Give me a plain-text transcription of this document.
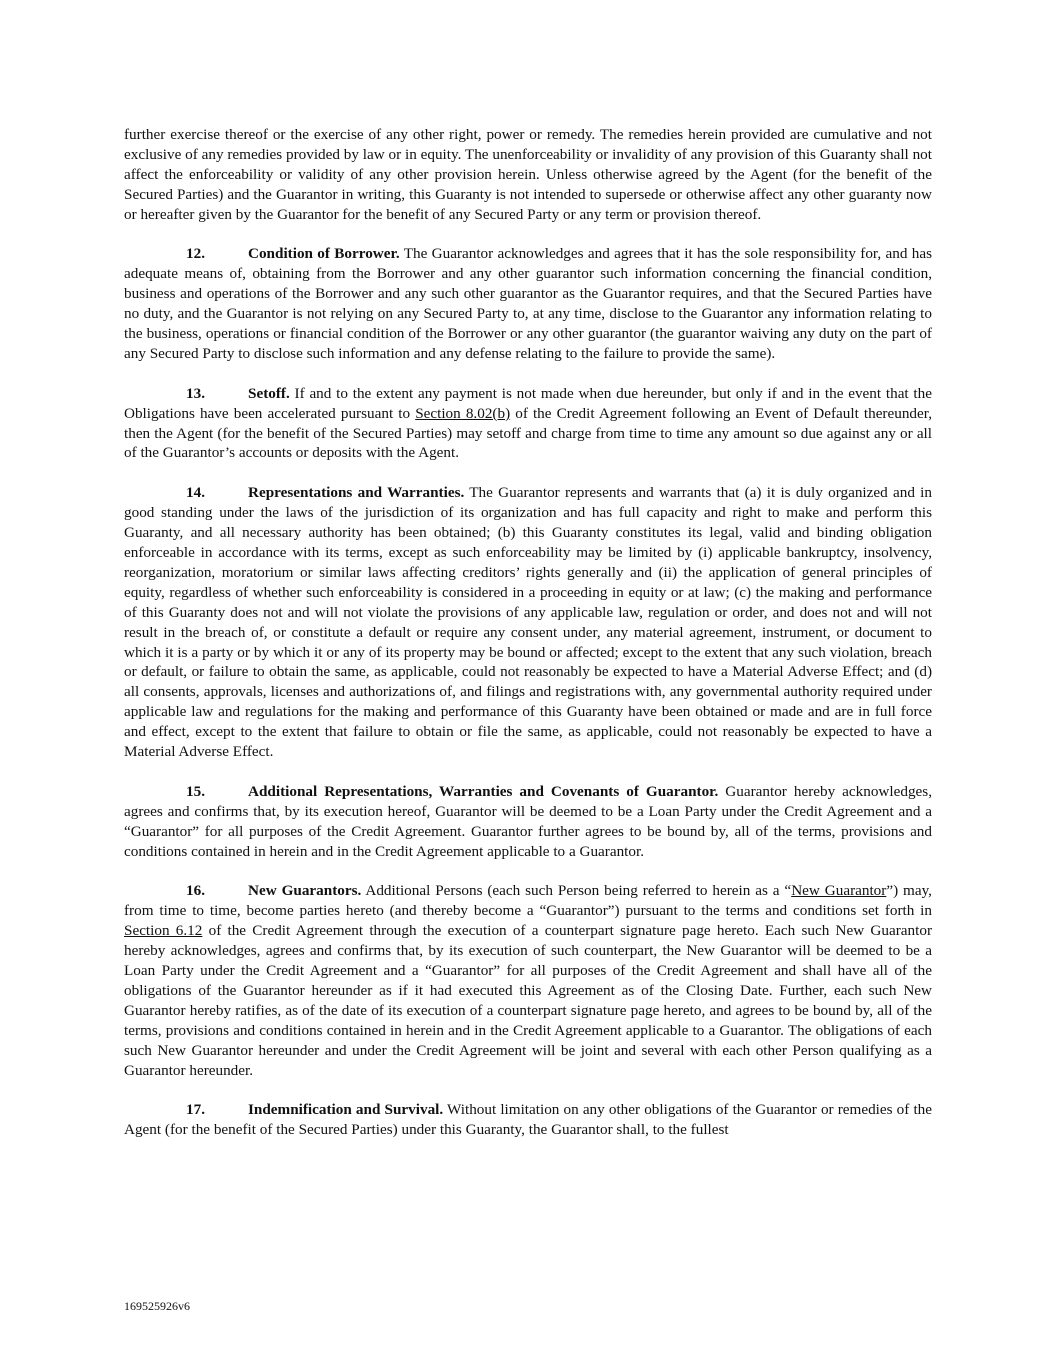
further exercise thereof or the exercise of any other right, power or remedy. The remedies herein provided are cumulative and not exclusive of any remedies provided by law or in equity. The unenforceability or invalidity of any provision of this Guaranty shall not affect the enforceability or validity of any other provision herein. Unless otherwise agreed by the Agent (for the benefit of the Secured Parties) and the Guarantor in writing, this Guaranty is not intended to supersede or otherwise affect any other guaranty now or hereafter given by the Guarantor for the benefit of any Secured Party or any term or provision thereof.

12.	Condition of Borrower. The Guarantor acknowledges and agrees that it has the sole responsibility for, and has adequate means of, obtaining from the Borrower and any other guarantor such information concerning the financial condition, business and operations of the Borrower and any such other guarantor as the Guarantor requires, and that the Secured Parties have no duty, and the Guarantor is not relying on any Secured Party to, at any time, disclose to the Guarantor any information relating to the business, operations or financial condition of the Borrower or any other guarantor (the guarantor waiving any duty on the part of any Secured Party to disclose such information and any defense relating to the failure to provide the same).

13.	Setoff. If and to the extent any payment is not made when due hereunder, but only if and in the event that the Obligations have been accelerated pursuant to Section 8.02(b) of the Credit Agreement following an Event of Default thereunder, then the Agent (for the benefit of the Secured Parties) may setoff and charge from time to time any amount so due against any or all of the Guarantor’s accounts or deposits with the Agent.

14.	Representations and Warranties. The Guarantor represents and warrants that (a) it is duly organized and in good standing under the laws of the jurisdiction of its organization and has full capacity and right to make and perform this Guaranty, and all necessary authority has been obtained; (b) this Guaranty constitutes its legal, valid and binding obligation enforceable in accordance with its terms, except as such enforceability may be limited by (i) applicable bankruptcy, insolvency, reorganization, moratorium or similar laws affecting creditors’ rights generally and (ii) the application of general principles of equity, regardless of whether such enforceability is considered in a proceeding in equity or at law; (c) the making and performance of this Guaranty does not and will not violate the provisions of any applicable law, regulation or order, and does not and will not result in the breach of, or constitute a default or require any consent under, any material agreement, instrument, or document to which it is a party or by which it or any of its property may be bound or affected; except to the extent that any such violation, breach or default, or failure to obtain the same, as applicable, could not reasonably be expected to have a Material Adverse Effect; and (d) all consents, approvals, licenses and authorizations of, and filings and registrations with, any governmental authority required under applicable law and regulations for the making and performance of this Guaranty have been obtained or made and are in full force and effect, except to the extent that failure to obtain or file the same, as applicable, could not reasonably be expected to have a Material Adverse Effect.

15.	Additional Representations, Warranties and Covenants of Guarantor. Guarantor hereby acknowledges, agrees and confirms that, by its execution hereof, Guarantor will be deemed to be a Loan Party under the Credit Agreement and a “Guarantor” for all purposes of the Credit Agreement. Guarantor further agrees to be bound by, all of the terms, provisions and conditions contained in herein and in the Credit Agreement applicable to a Guarantor.

16.	New Guarantors. Additional Persons (each such Person being referred to herein as a “New Guarantor”) may, from time to time, become parties hereto (and thereby become a “Guarantor”) pursuant to the terms and conditions set forth in Section 6.12 of the Credit Agreement through the execution of a counterpart signature page hereto. Each such New Guarantor hereby acknowledges, agrees and confirms that, by its execution of such counterpart, the New Guarantor will be deemed to be a Loan Party under the Credit Agreement and a “Guarantor” for all purposes of the Credit Agreement and shall have all of the obligations of the Guarantor hereunder as if it had executed this Agreement as of the Closing Date. Further, each such New Guarantor hereby ratifies, as of the date of its execution of a counterpart signature page hereto, and agrees to be bound by, all of the terms, provisions and conditions contained in herein and in the Credit Agreement applicable to a Guarantor. The obligations of each such New Guarantor hereunder and under the Credit Agreement will be joint and several with each other Person qualifying as a Guarantor hereunder.

17.	Indemnification and Survival. Without limitation on any other obligations of the Guarantor or remedies of the Agent (for the benefit of the Secured Parties) under this Guaranty, the Guarantor shall, to the fullest

169525926v6
